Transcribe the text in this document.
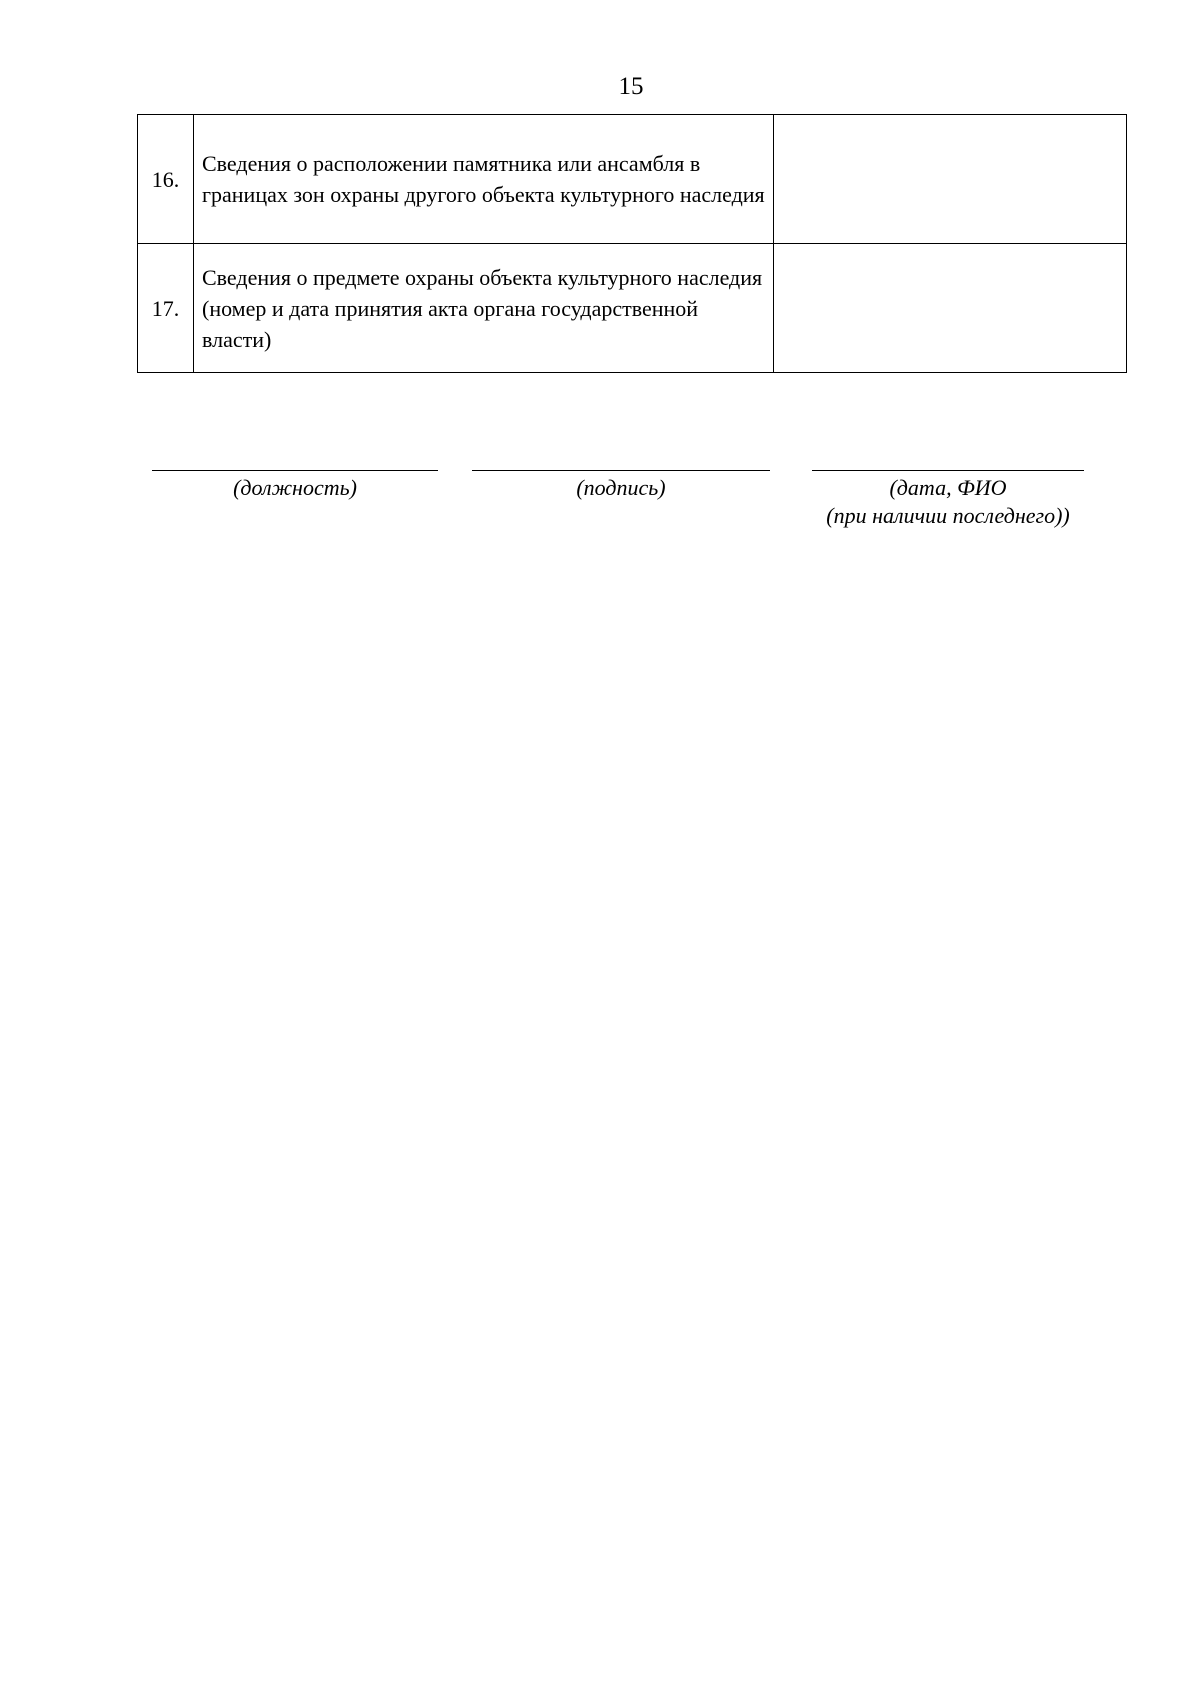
15
16.	Сведения о расположении памятника или ансамбля в границах зон охраны другого объекта культурного наследия	
17.	Сведения о предмете охраны объекта культурного наследия (номер и дата принятия акта органа государственной власти)	
(должность)	(подпись)	(дата, ФИО
(при наличии последнего))
